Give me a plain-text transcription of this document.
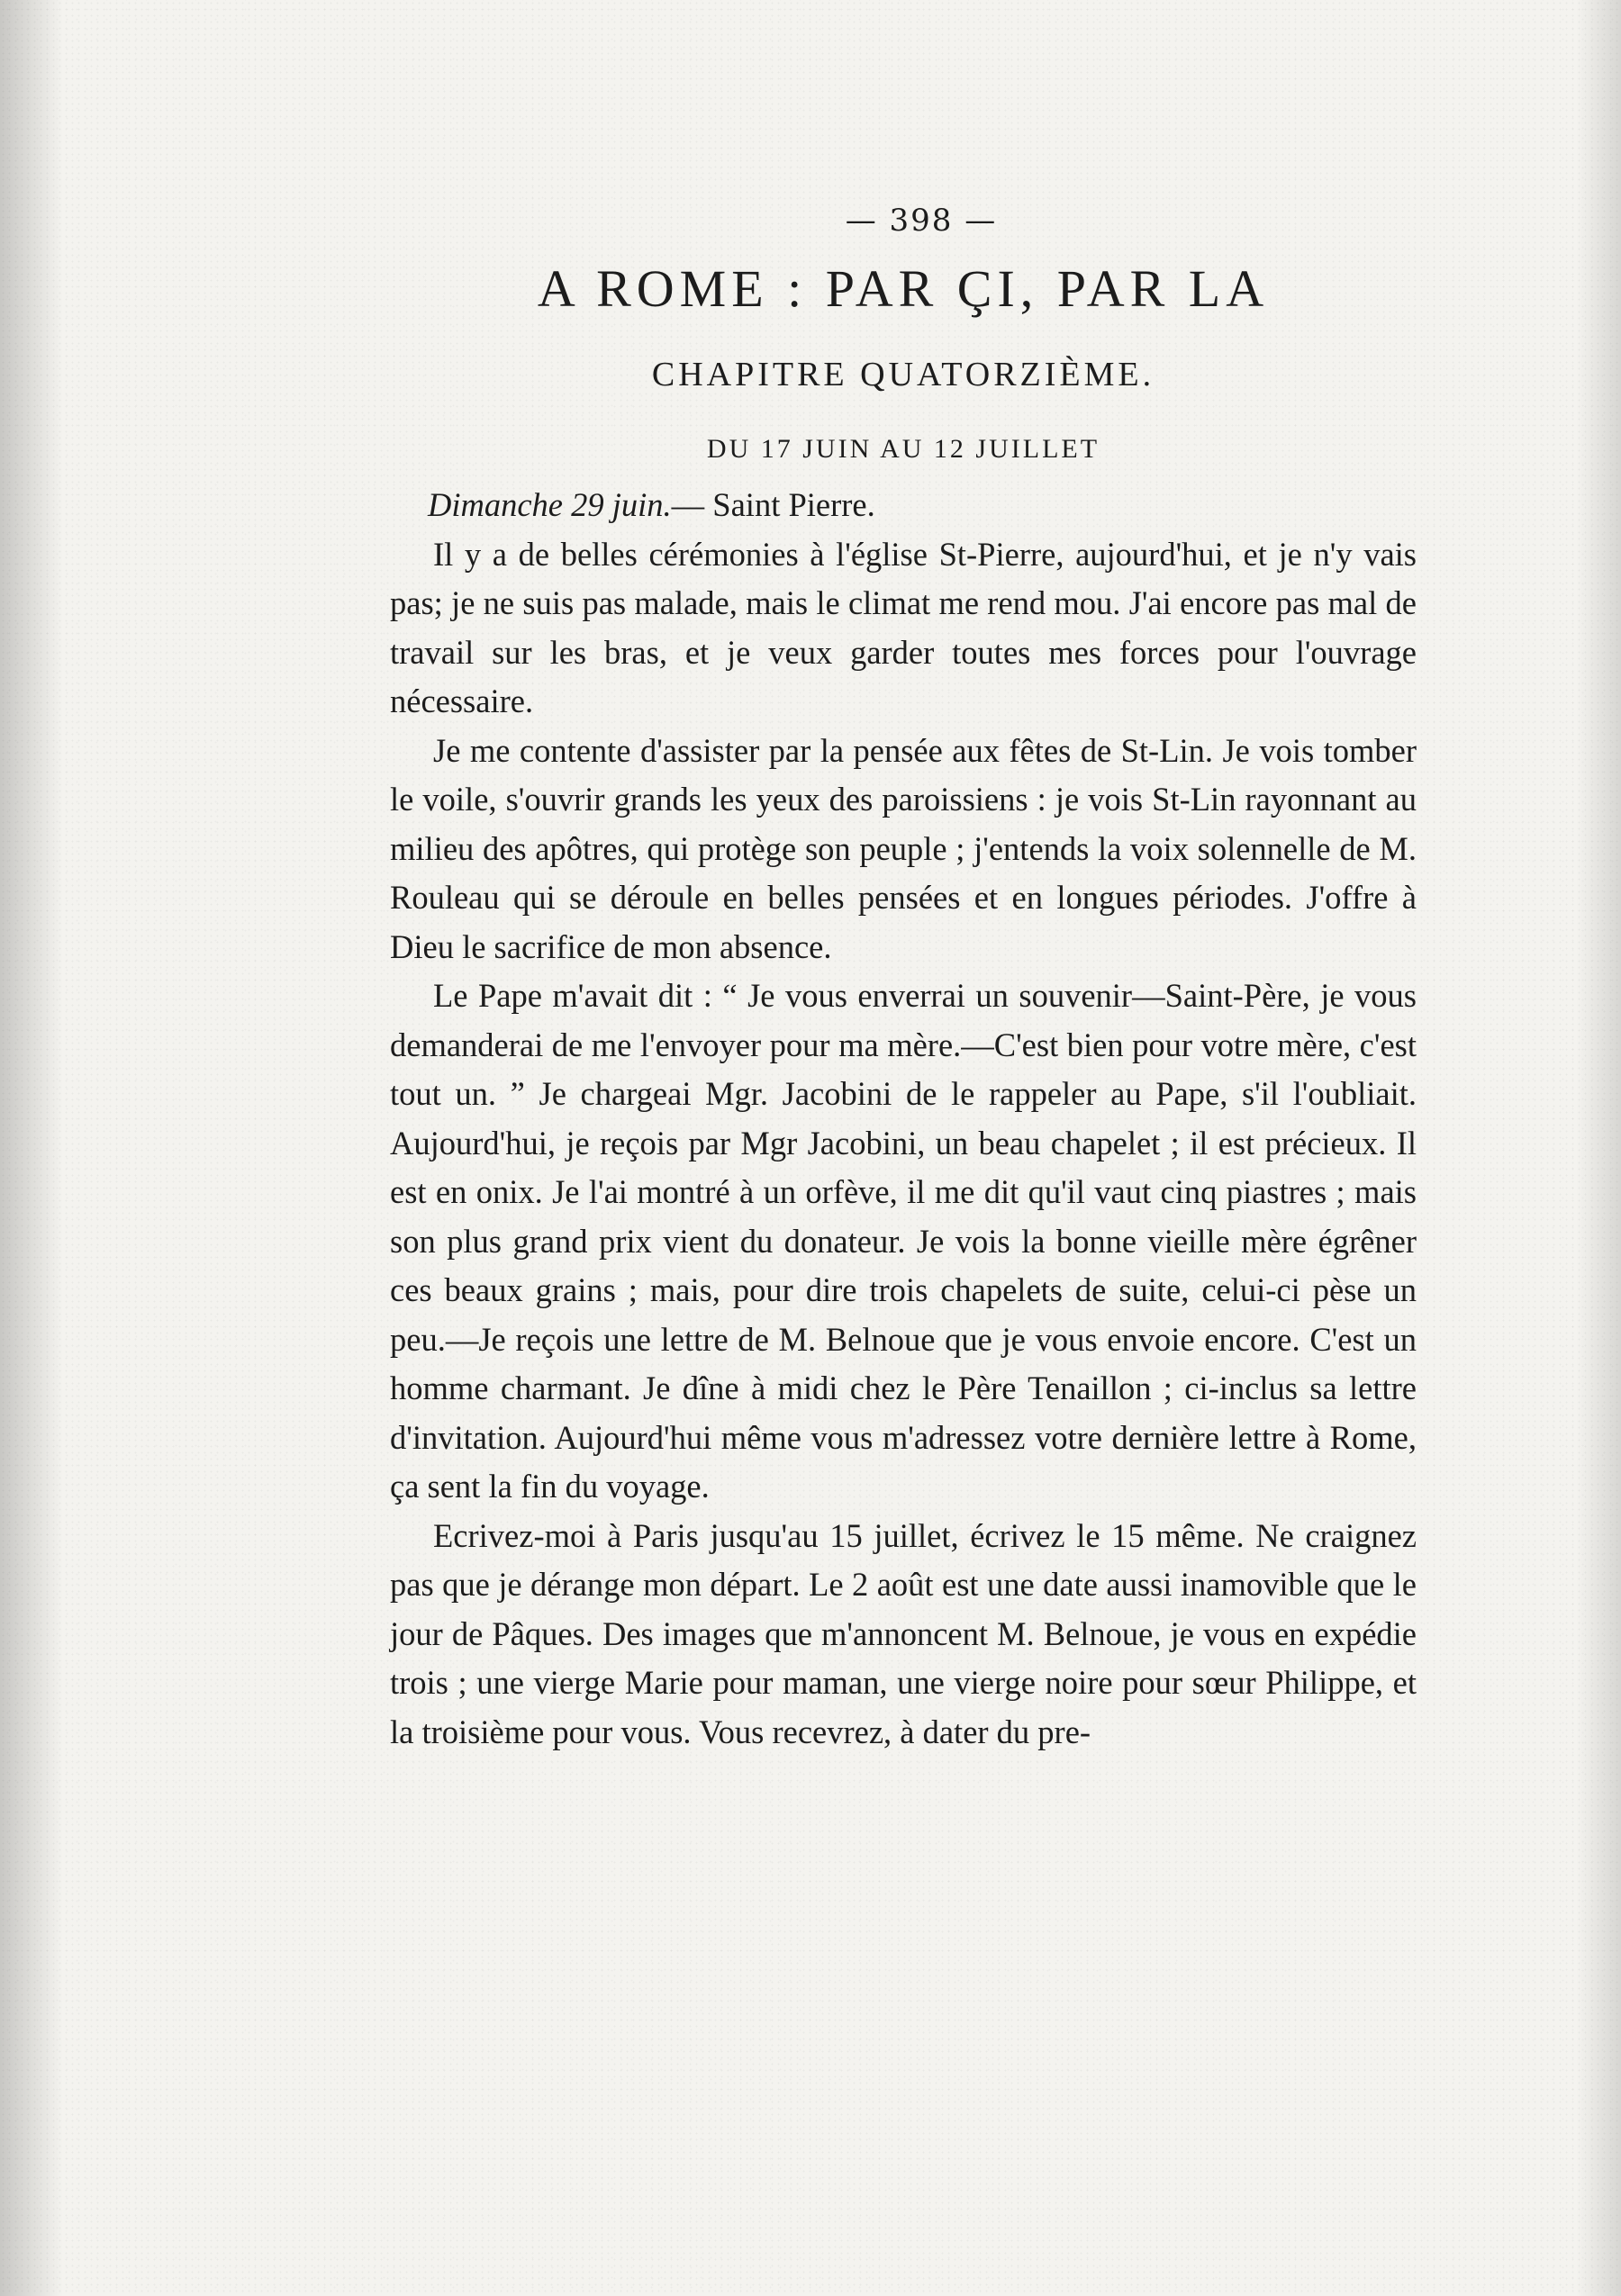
— 398 —
A ROME : PAR ÇI, PAR LA
CHAPITRE QUATORZIÈME.
DU 17 JUIN AU 12 JUILLET

Dimanche 29 juin.— Saint Pierre.

Il y a de belles cérémonies à l'église St-Pierre, aujourd'hui, et je n'y vais pas; je ne suis pas malade, mais le climat me rend mou. J'ai encore pas mal de travail sur les bras, et je veux garder toutes mes forces pour l'ouvrage nécessaire.

Je me contente d'assister par la pensée aux fêtes de St-Lin. Je vois tomber le voile, s'ouvrir grands les yeux des paroissiens : je vois St-Lin rayonnant au milieu des apôtres, qui protège son peuple ; j'entends la voix solennelle de M. Rouleau qui se déroule en belles pensées et en longues périodes. J'offre à Dieu le sacrifice de mon absence.

Le Pape m'avait dit : “ Je vous enverrai un souvenir—Saint-Père, je vous demanderai de me l'envoyer pour ma mère.—C'est bien pour votre mère, c'est tout un. ” Je chargeai Mgr. Jacobini de le rappeler au Pape, s'il l'oubliait. Aujourd'hui, je reçois par Mgr Jacobini, un beau chapelet ; il est précieux. Il est en onix. Je l'ai montré à un orfève, il me dit qu'il vaut cinq piastres ; mais son plus grand prix vient du donateur. Je vois la bonne vieille mère égrêner ces beaux grains ; mais, pour dire trois chapelets de suite, celui-ci pèse un peu.—Je reçois une lettre de M. Belnoue que je vous envoie encore. C'est un homme charmant. Je dîne à midi chez le Père Tenaillon ; ci-inclus sa lettre d'invitation. Aujourd'hui même vous m'adressez votre dernière lettre à Rome, ça sent la fin du voyage.

Ecrivez-moi à Paris jusqu'au 15 juillet, écrivez le 15 même. Ne craignez pas que je dérange mon départ. Le 2 août est une date aussi inamovible que le jour de Pâques. Des images que m'annoncent M. Belnoue, je vous en expédie trois ; une vierge Marie pour maman, une vierge noire pour sœur Philippe, et la troisième pour vous. Vous recevrez, à dater du pre-
